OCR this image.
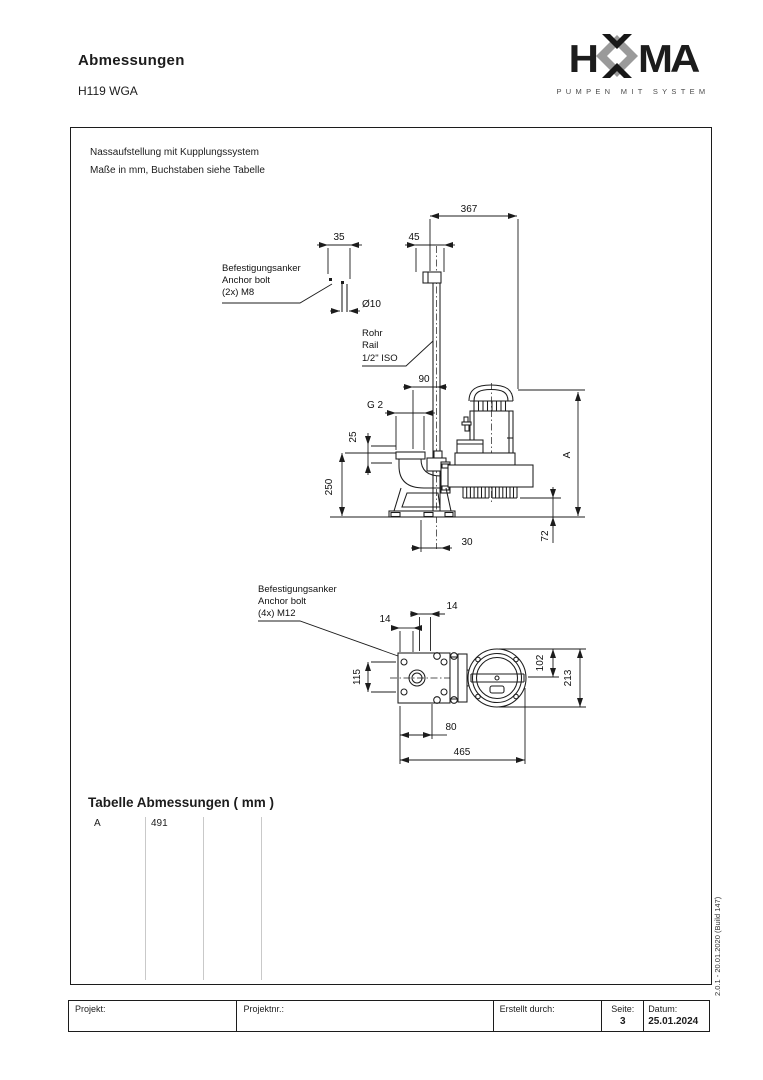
Abmessungen
H119 WGA
H MA
PUMPEN MIT SYSTEM
Nassaufstellung mit Kupplungssystem
Maße in mm, Buchstaben siehe Tabelle
367
45
35
Ø10
90
G 2
25
250
30
72
A
Befestigungsanker
Anchor bolt
(2x) M8
Rohr
Rail
1/2" ISO
14
14
115
102
213
80
465
Befestigungsanker
Anchor bolt
(4x) M12
Tabelle Abmessungen ( mm )
A	491
2.0.1 - 20.01.2020 (Build 147)
Projekt:	Projektnr.:	Erstellt durch:	Seite:
3
Datum:
25.01.2024
